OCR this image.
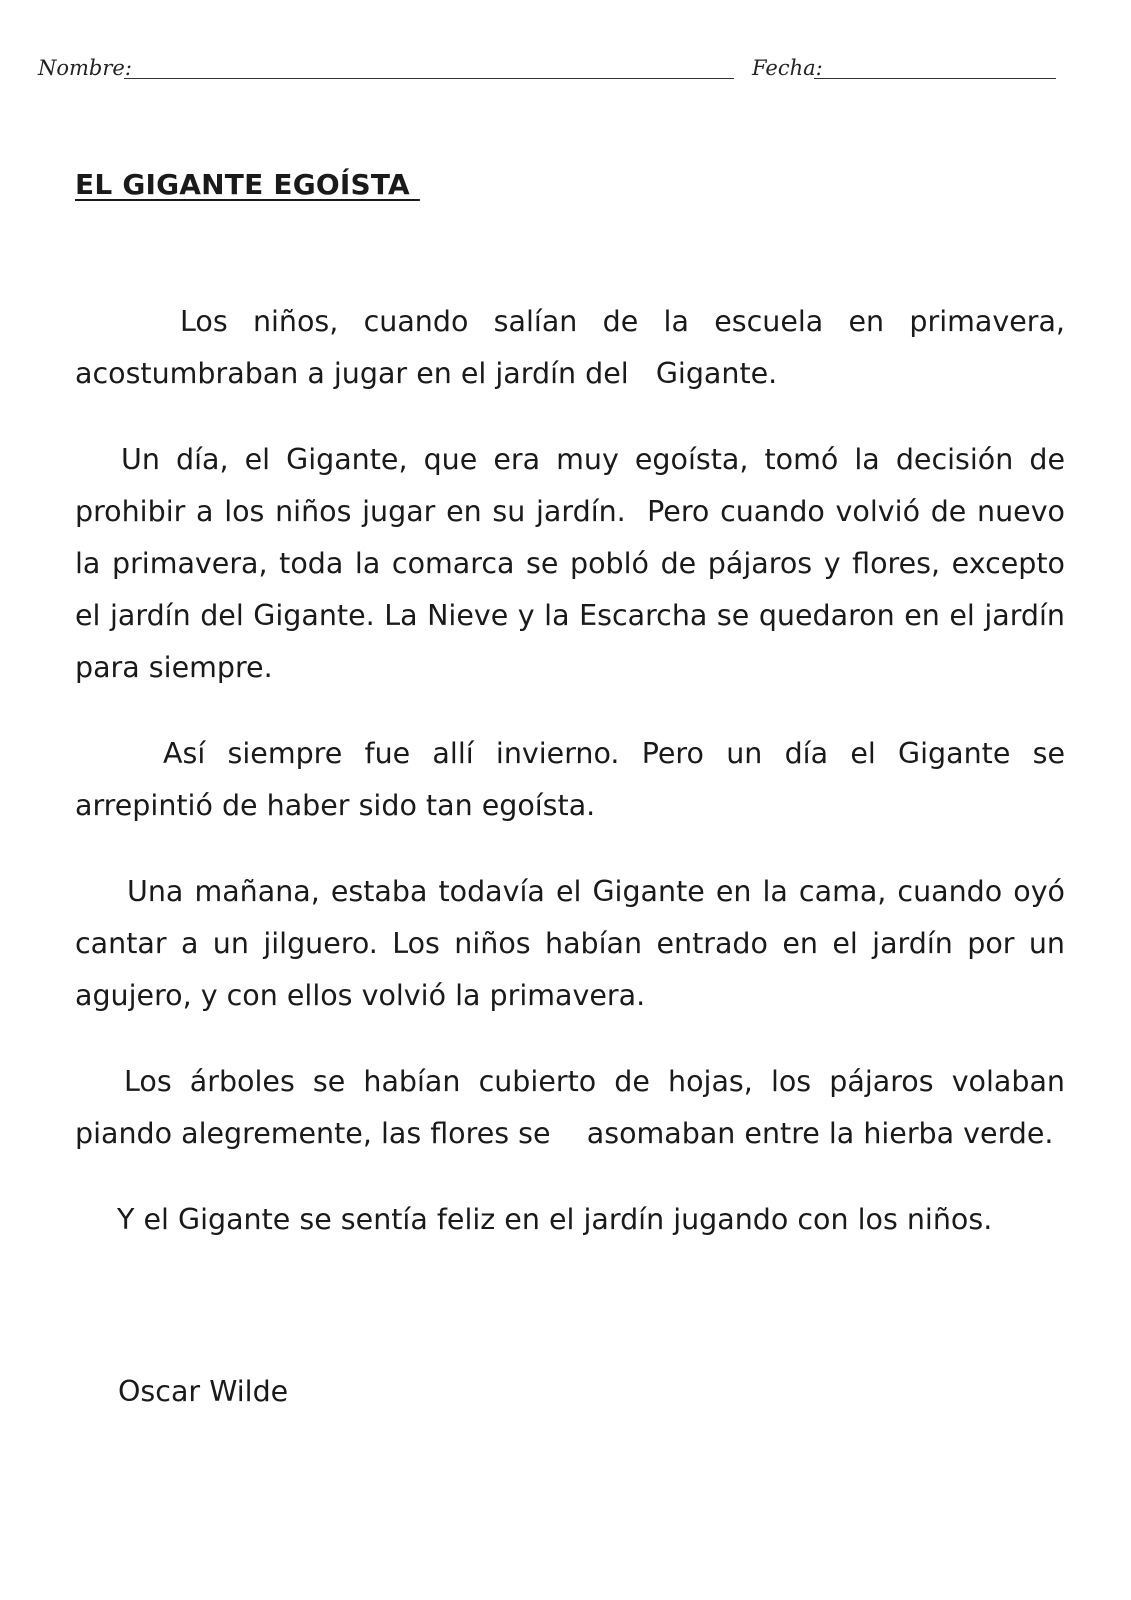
Nombre:	Fecha:
EL GIGANTE EGOÍSTA

Los niños, cuando salían de la escuela en primavera, acostumbraban a jugar en el jardín del   Gigante.

Un día, el Gigante, que era muy egoísta, tomó la decisión de prohibir a los niños jugar en su jardín.  Pero cuando volvió de nuevo la primavera, toda la comarca se pobló de pájaros y flores, excepto el jardín del Gigante. La Nieve y la Escarcha se quedaron en el jardín para siempre.

Así siempre fue allí invierno. Pero un día el Gigante se arrepintió de haber sido tan egoísta.

Una mañana, estaba todavía el Gigante en la cama, cuando oyó cantar a un jilguero. Los niños habían entrado en el jardín por un agujero, y con ellos volvió la primavera.

Los árboles se habían cubierto de hojas, los pájaros volaban piando alegremente, las flores se    asomaban entre la hierba verde.

Y el Gigante se sentía feliz en el jardín jugando con los niños.

Oscar Wilde
